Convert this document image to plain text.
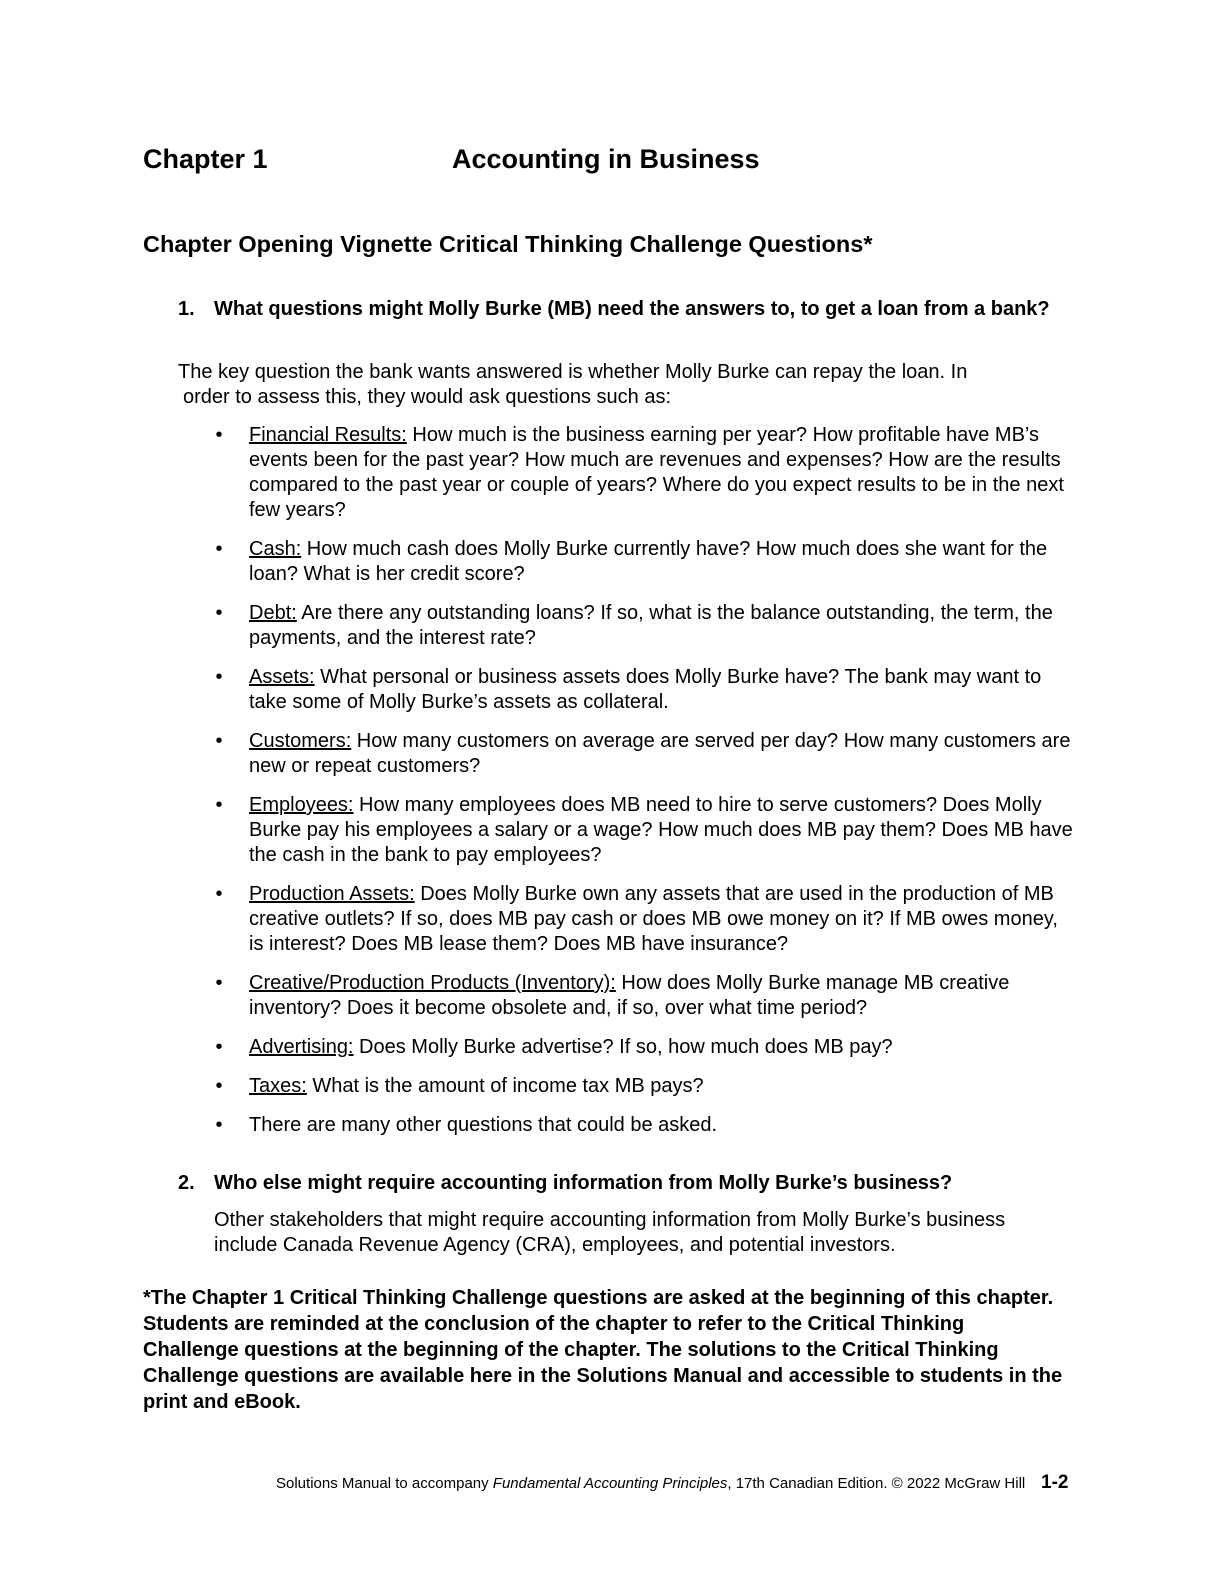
Chapter 1	Accounting in Business
Chapter Opening Vignette Critical Thinking Challenge Questions*
1. What questions might Molly Burke (MB) need the answers to, to get a loan from a bank?
The key question the bank wants answered is whether Molly Burke can repay the loan. In
order to assess this, they would ask questions such as:
• Financial Results: How much is the business earning per year? How profitable have MB’s events been for the past year? How much are revenues and expenses? How are the results compared to the past year or couple of years? Where do you expect results to be in the next few years?
• Cash: How much cash does Molly Burke currently have? How much does she want for the loan? What is her credit score?
• Debt: Are there any outstanding loans? If so, what is the balance outstanding, the term, the payments, and the interest rate?
• Assets: What personal or business assets does Molly Burke have? The bank may want to take some of Molly Burke’s assets as collateral.
• Customers: How many customers on average are served per day? How many customers are new or repeat customers?
• Employees: How many employees does MB need to hire to serve customers? Does Molly Burke pay his employees a salary or a wage? How much does MB pay them? Does MB have the cash in the bank to pay employees?
• Production Assets: Does Molly Burke own any assets that are used in the production of MB creative outlets? If so, does MB pay cash or does MB owe money on it? If MB owes money, is interest? Does MB lease them? Does MB have insurance?
• Creative/Production Products (Inventory): How does Molly Burke manage MB creative inventory? Does it become obsolete and, if so, over what time period?
• Advertising: Does Molly Burke advertise? If so, how much does MB pay?
• Taxes: What is the amount of income tax MB pays?
• There are many other questions that could be asked.
2. Who else might require accounting information from Molly Burke’s business?
Other stakeholders that might require accounting information from Molly Burke’s business include Canada Revenue Agency (CRA), employees, and potential investors.
*The Chapter 1 Critical Thinking Challenge questions are asked at the beginning of this chapter. Students are reminded at the conclusion of the chapter to refer to the Critical Thinking Challenge questions at the beginning of the chapter. The solutions to the Critical Thinking Challenge questions are available here in the Solutions Manual and accessible to students in the print and eBook.
Solutions Manual to accompany Fundamental Accounting Principles, 17th Canadian Edition. © 2022 McGraw Hill 1-2
